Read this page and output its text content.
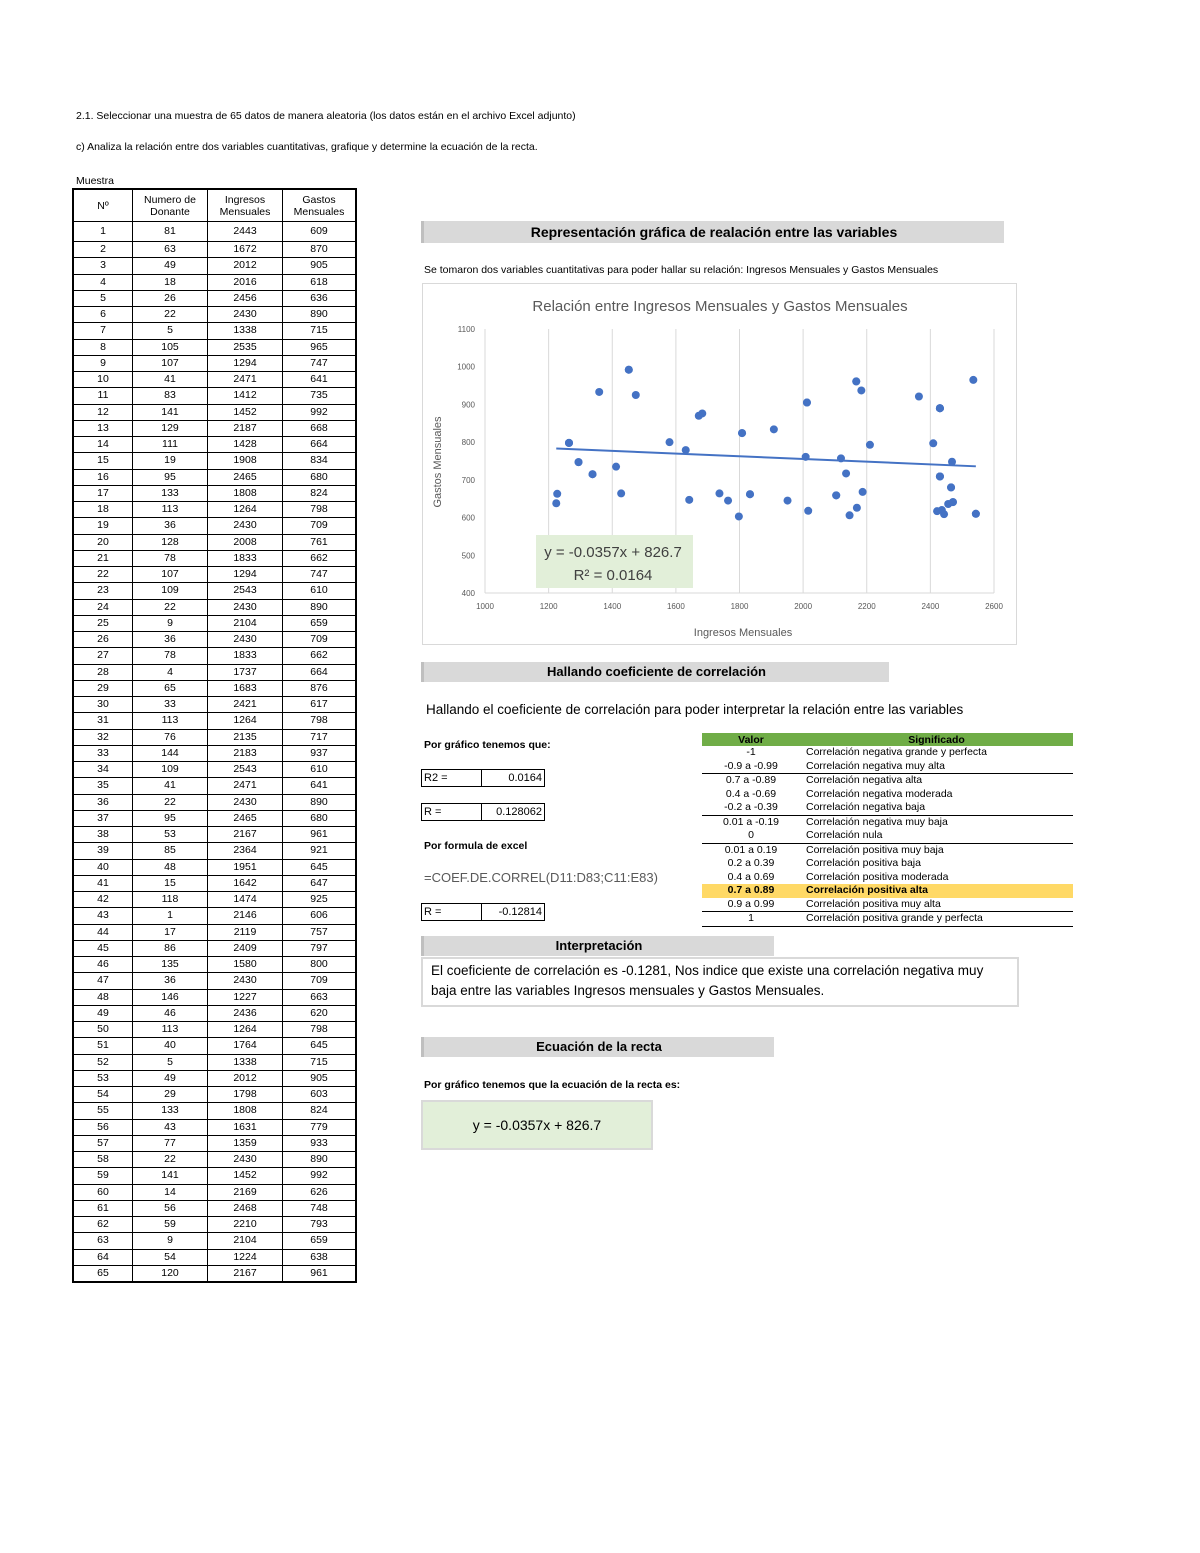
2.1. Seleccionar una muestra de 65 datos de manera aleatoria (los datos están en el archivo Excel adjunto)
c) Analiza la relación entre dos variables cuantitativas, grafique y determine la ecuación de la recta.
Muestra
Nº	Numero de Donante	Ingresos Mensuales	Gastos Mensuales
1	81	2443	609
2	63	1672	870
3	49	2012	905
4	18	2016	618
5	26	2456	636
6	22	2430	890
7	5	1338	715
8	105	2535	965
9	107	1294	747
10	41	2471	641
11	83	1412	735
12	141	1452	992
13	129	2187	668
14	111	1428	664
15	19	1908	834
16	95	2465	680
17	133	1808	824
18	113	1264	798
19	36	2430	709
20	128	2008	761
21	78	1833	662
22	107	1294	747
23	109	2543	610
24	22	2430	890
25	9	2104	659
26	36	2430	709
27	78	1833	662
28	4	1737	664
29	65	1683	876
30	33	2421	617
31	113	1264	798
32	76	2135	717
33	144	2183	937
34	109	2543	610
35	41	2471	641
36	22	2430	890
37	95	2465	680
38	53	2167	961
39	85	2364	921
40	48	1951	645
41	15	1642	647
42	118	1474	925
43	1	2146	606
44	17	2119	757
45	86	2409	797
46	135	1580	800
47	36	2430	709
48	146	1227	663
49	46	2436	620
50	113	1264	798
51	40	1764	645
52	5	1338	715
53	49	2012	905
54	29	1798	603
55	133	1808	824
56	43	1631	779
57	77	1359	933
58	22	2430	890
59	141	1452	992
60	14	2169	626
61	56	2468	748
62	59	2210	793
63	9	2104	659
64	54	1224	638
65	120	2167	961
Representación gráfica de realación entre las variables
Se tomaron dos variables cuantitativas para poder hallar su relación: Ingresos Mensuales y Gastos Mensuales
Relación entre Ingresos Mensuales y Gastos Mensuales
1000	1200	1400	1600	1800	2000	2200	2400	2600
400
500
600
700
800
900
1000
1100
y = -0.0357x + 826.7
R² = 0.0164
Ingresos Mensuales
Gastos Mensuales
Hallando coeficiente de correlación
Hallando el coeficiente de correlación para poder interpretar la relación entre las variables
Por gráfico tenemos que:
R2 =	0.0164
R =	0.128062
Por formula de excel
=COEF.DE.CORREL(D11:D83;C11:E83)
R =	-0.12814
Valor	Significado
-1	Correlación negativa grande y perfecta
-0.9 a -0.99	Correlación negativa muy alta
0.7 a -0.89	Correlación negativa alta
0.4 a -0.69	Correlación negativa moderada
-0.2 a -0.39	Correlación negativa baja
0.01 a -0.19	Correlación negativa muy baja
0	Correlación nula
0.01 a 0.19	Correlación positiva muy baja
0.2 a 0.39	Correlación positiva baja
0.4 a 0.69	Correlación positiva moderada
0.7 a 0.89	Correlación positiva alta
0.9 a 0.99	Correlación positiva muy alta
1	Correlación positiva grande y perfecta
Interpretación
El coeficiente de correlación es -0.1281, Nos indice que existe una correlación negativa muy baja entre las variables Ingresos mensuales y Gastos Mensuales.
Ecuación de la recta
Por gráfico tenemos que la ecuación de la recta es:
y = -0.0357x + 826.7
